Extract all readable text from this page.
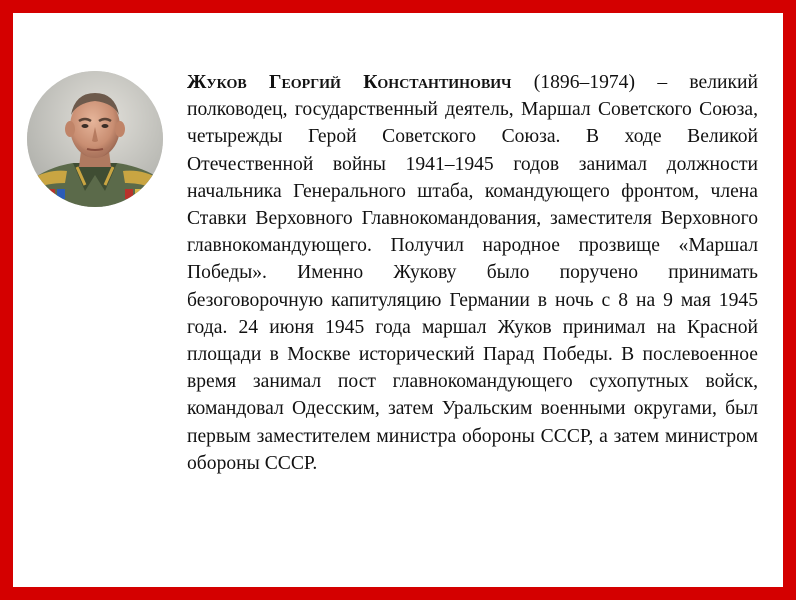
Жуков Георгий Константинович (1896–1974) – великий полководец, государственный деятель, Маршал Советского Союза, четырежды Герой Советского Союза. В ходе Великой Отечественной войны 1941–1945 годов занимал должности начальника Генерального штаба, командующего фронтом, члена Ставки Верховного Главнокомандования, заместителя Верховного главнокомандующего. Получил народное прозвище «Маршал Победы». Именно Жукову было поручено принимать безоговорочную капитуляцию Германии в ночь с 8 на 9 мая 1945 года. 24 июня 1945 года маршал Жуков принимал на Красной площади в Москве исторический Парад Победы. В послевоенное время занимал пост главнокомандующего сухопутных войск, командовал Одесским, затем Уральским военными округами, был первым заместителем министра обороны СССР, а затем министром обороны СССР.
